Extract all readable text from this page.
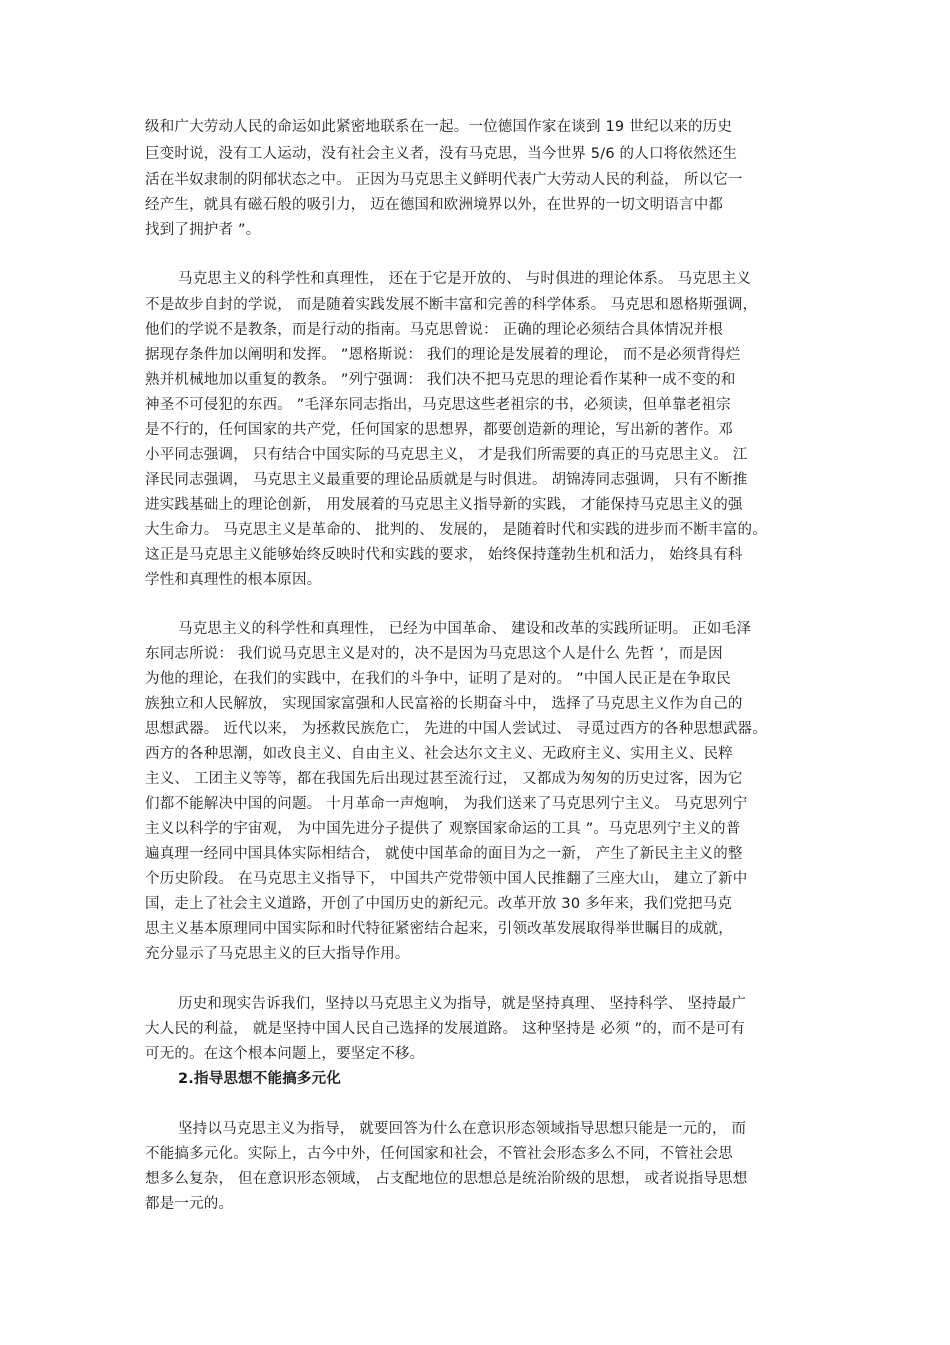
级和广大劳动人民的命运如此紧密地联系在一起。一位德国作家在谈到 19 世纪以来的历史
巨变时说，没有工人运动，没有社会主义者，没有马克思，当今世界 5/6 的人口将依然还生
活在半奴隶制的阴郁状态之中。 正因为马克思主义鲜明代表广大劳动人民的利益， 所以它一
经产生，就具有磁石般的吸引力， 迈在德国和欧洲境界以外，在世界的一切文明语言中都
找到了拥护者 ”。
马克思主义的科学性和真理性， 还在于它是开放的、 与时俱进的理论体系。 马克思主义
不是故步自封的学说， 而是随着实践发展不断丰富和完善的科学体系。 马克思和恩格斯强调，
他们的学说不是教条，而是行动的指南。马克思曾说： 正确的理论必须结合具体情况并根
据现存条件加以阐明和发挥。 ”恩格斯说： 我们的理论是发展着的理论， 而不是必须背得烂
熟并机械地加以重复的教条。 ”列宁强调： 我们决不把马克思的理论看作某种一成不变的和
神圣不可侵犯的东西。 ”毛泽东同志指出，马克思这些老祖宗的书，必须读，但单靠老祖宗
是不行的，任何国家的共产党，任何国家的思想界，都要创造新的理论，写出新的著作。邓
小平同志强调， 只有结合中国实际的马克思主义， 才是我们所需要的真正的马克思主义。 江
泽民同志强调， 马克思主义最重要的理论品质就是与时俱进。 胡锦涛同志强调， 只有不断推
进实践基础上的理论创新， 用发展着的马克思主义指导新的实践， 才能保持马克思主义的强
大生命力。 马克思主义是革命的、 批判的、 发展的， 是随着时代和实践的进步而不断丰富的。
这正是马克思主义能够始终反映时代和实践的要求， 始终保持蓬勃生机和活力， 始终具有科
学性和真理性的根本原因。
马克思主义的科学性和真理性， 已经为中国革命、 建设和改革的实践所证明。 正如毛泽
东同志所说： 我们说马克思主义是对的，决不是因为马克思这个人是什么 先哲 ’，而是因
为他的理论，在我们的实践中，在我们的斗争中，证明了是对的。 ”中国人民正是在争取民
族独立和人民解放， 实现国家富强和人民富裕的长期奋斗中， 选择了马克思主义作为自己的
思想武器。 近代以来， 为拯救民族危亡， 先进的中国人尝试过、 寻觅过西方的各种思想武器。
西方的各种思潮，如改良主义、自由主义、社会达尔文主义、无政府主义、实用主义、民粹
主义、 工团主义等等，都在我国先后出现过甚至流行过， 又都成为匆匆的历史过客，因为它
们都不能解决中国的问题。 十月革命一声炮响， 为我们送来了马克思列宁主义。 马克思列宁
主义以科学的宇宙观， 为中国先进分子提供了 观察国家命运的工具 ”。马克思列宁主义的普
遍真理一经同中国具体实际相结合， 就使中国革命的面目为之一新， 产生了新民主主义的整
个历史阶段。 在马克思主义指导下， 中国共产党带领中国人民推翻了三座大山， 建立了新中
国，走上了社会主义道路，开创了中国历史的新纪元。改革开放 30 多年来，我们党把马克
思主义基本原理同中国实际和时代特征紧密结合起来，引领改革发展取得举世瞩目的成就，
充分显示了马克思主义的巨大指导作用。
历史和现实告诉我们，坚持以马克思主义为指导，就是坚持真理、 坚持科学、 坚持最广
大人民的利益， 就是坚持中国人民自己选择的发展道路。 这种坚持是 必须 ”的，而不是可有
可无的。在这个根本问题上，要坚定不移。
2.指导思想不能搞多元化
坚持以马克思主义为指导， 就要回答为什么在意识形态领域指导思想只能是一元的， 而
不能搞多元化。实际上，古今中外，任何国家和社会，不管社会形态多么不同，不管社会思
想多么复杂， 但在意识形态领域， 占支配地位的思想总是统治阶级的思想， 或者说指导思想
都是一元的。
